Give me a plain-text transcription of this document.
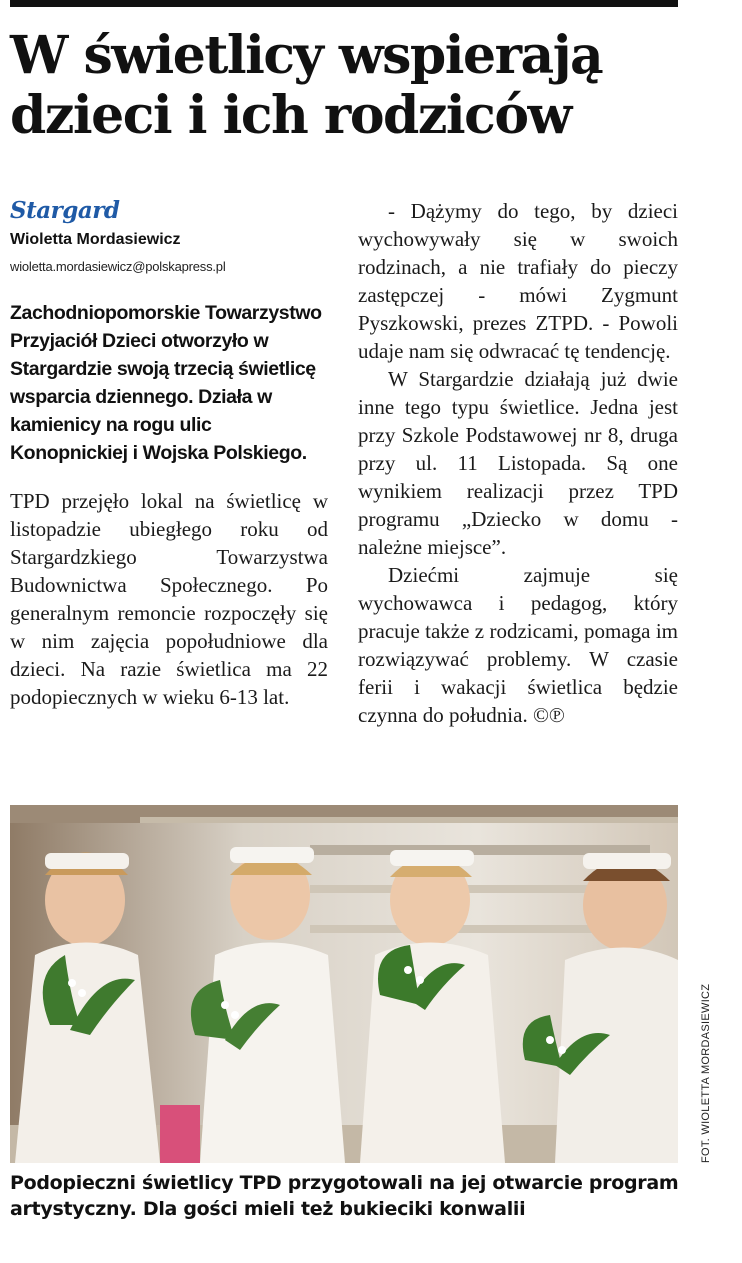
W świetlicy wspierają dzieci i ich rodziców
Stargard
Wioletta Mordasiewicz
wioletta.mordasiewicz@polskapress.pl
Zachodniopomorskie Towarzystwo Przyjaciół Dzieci otworzyło w Stargardzie swoją trzecią świetlicę wsparcia dziennego. Działa w kamienicy na rogu ulic Konopnickiej i Wojska Polskiego.

TPD przejęło lokal na świetlicę w listopadzie ubiegłego roku od Stargardzkiego Towarzystwa Budownictwa Społecznego. Po generalnym remoncie rozpoczęły się w nim zajęcia popołudniowe dla dzieci. Na razie świetlica ma 22 podopiecznych w wieku 6-13 lat.

- Dążymy do tego, by dzieci wychowywały się w swoich rodzinach, a nie trafiały do pieczy zastępczej - mówi Zygmunt Pyszkowski, prezes ZTPD. - Powoli udaje nam się odwracać tę tendencję.

W Stargardzie działają już dwie inne tego typu świetlice. Jedna jest przy Szkole Podstawowej nr 8, druga przy ul. 11 Listopada. Są one wynikiem realizacji przez TPD programu „Dziecko w domu - należne miejsce”.

Dziećmi zajmuje się wychowawca i pedagog, który pracuje także z rodzicami, pomaga im rozwiązywać problemy. W czasie ferii i wakacji świetlica będzie czynna do południa. ©℗

FOT. WIOLETTA MORDASIEWICZ
Podopieczni świetlicy TPD przygotowali na jej otwarcie program artystyczny. Dla gości mieli też bukieciki konwalii
